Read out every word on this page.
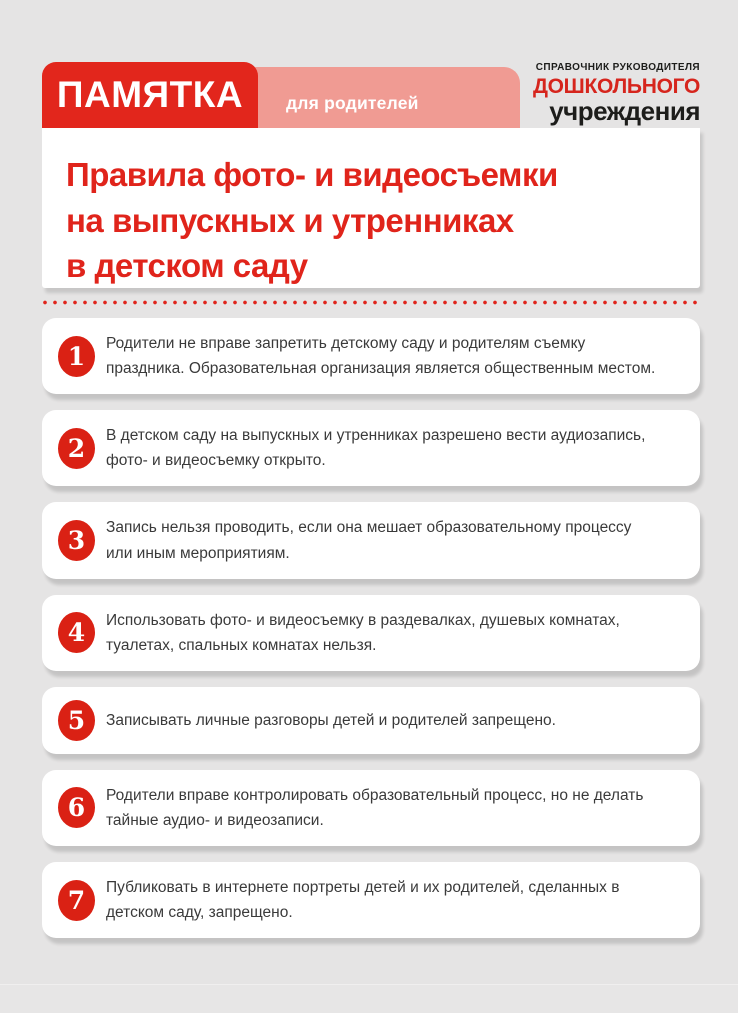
для родителей
ПАМЯТКА
СПРАВОЧНИК РУКОВОДИТЕЛЯ
ДОШКОЛЬНОГО
учреждения
Правила фото- и видеосъемки
на выпускных и утренниках
в детском саду
1 Родители не вправе запретить детскому саду и родителям съемку праздника. Образовательная организация является общественным местом.

2 В детском саду на выпускных и утренниках разрешено вести аудиозапись, фото- и видеосъемку открыто.

3 Запись нельзя проводить, если она мешает образовательному процессу или иным мероприятиям.

4 Использовать фото- и видеосъемку в раздевалках, душевых комнатах, туалетах, спальных комнатах нельзя.

5 Записывать личные разговоры детей и родителей запрещено.

6 Родители вправе контролировать образовательный процесс, но не делать тайные аудио- и видеозаписи.

7 Публиковать в интернете портреты детей и их родителей, сделанных в детском саду, запрещено.
